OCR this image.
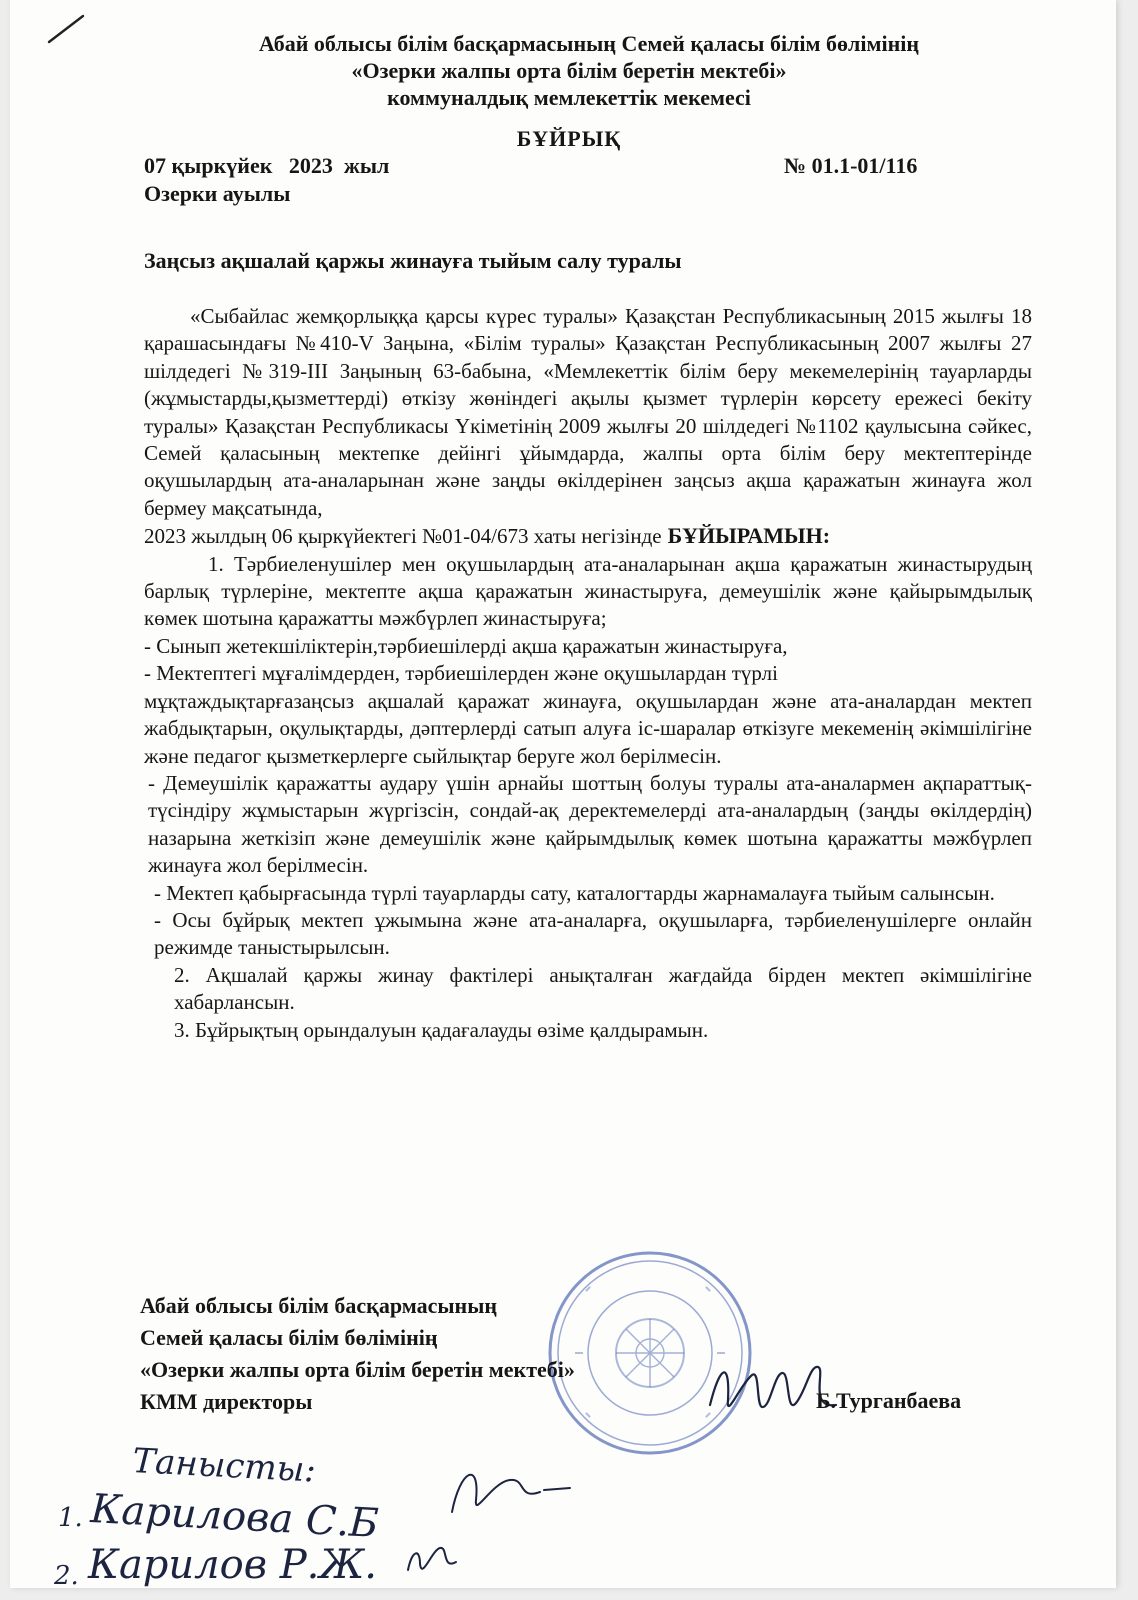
Абай облысы білім басқармасының Семей қаласы білім бөлімінің
«Озерки жалпы орта білім беретін мектебі»
коммуналдық мемлекеттік мекемесі
БҰЙРЫҚ
07 қыркүйек   2023  жыл	№ 01.1-01/116
Озерки ауылы
Заңсыз ақшалай қаржы жинауға тыйым салу туралы

«Сыбайлас жемқорлыққа қарсы күрес туралы» Қазақстан Республикасының 2015 жылғы 18 қарашасындағы №410-V Заңына, «Білім туралы» Қазақстан Республикасының 2007 жылғы 27 шілдедегі №319-III Заңының 63-бабына, «Мемлекеттік білім беру мекемелерінің тауарларды (жұмыстарды,қызметтерді) өткізу жөніндегі ақылы қызмет түрлерін көрсету ережесі бекіту туралы» Қазақстан Республикасы Үкіметінің 2009 жылғы 20 шілдедегі №1102 қаулысына сәйкес, Семей қаласының мектепке дейінгі ұйымдарда, жалпы орта білім беру мектептерінде оқушылардың ата-аналарынан және заңды өкілдерінен заңсыз ақша қаражатын жинауға жол бермеу мақсатында,

2023 жылдың 06 қыркүйектегі №01-04/673 хаты негізінде БҰЙЫРАМЫН:

1. Тәрбиеленушілер мен оқушылардың ата-аналарынан ақша қаражатын жинастырудың барлық түрлеріне, мектепте ақша қаражатын жинастыруға, демеушілік және қайырымдылық көмек шотына қаражатты мәжбүрлеп жинастыруға;

- Сынып жетекшіліктерін,тәрбиешілерді ақша қаражатын жинастыруға,

- Мектептегі мұғалімдерден, тәрбиешілерден және оқушылардан түрлі

мұқтаждықтарғазаңсыз ақшалай қаражат жинауға, оқушылардан және ата-аналардан мектеп жабдықтарын, оқулықтарды, дәптерлерді сатып алуға іс-шаралар өткізуге мекеменің әкімшілігіне және педагог қызметкерлерге сыйлықтар беруге жол берілмесін.

- Демеушілік қаражатты аудару үшін арнайы шоттың болуы туралы ата-аналармен ақпараттық-түсіндіру жұмыстарын жүргізсін, сондай-ақ деректемелерді ата-аналардың (заңды өкілдердің) назарына жеткізіп және демеушілік және қайрымдылық көмек шотына қаражатты мәжбүрлеп жинауға жол берілмесін.

- Мектеп қабырғасында түрлі тауарларды сату, каталогтарды жарнамалауға тыйым салынсын.

- Осы бұйрық мектеп ұжымына және ата-аналарға, оқушыларға, тәрбиеленушілерге онлайн режимде таныстырылсын.

2. Ақшалай қаржы жинау фактілері анықталған жағдайда бірден мектеп әкімшілігіне хабарлансын.

3. Бұйрықтың орындалуын қадағалауды өзіме қалдырамын.

Абай облысы білім басқармасының
Семей қаласы білім бөлімінің
«Озерки жалпы орта білім беретін мектебі»
КММ директоры	Б.Турганбаева
Танысты:
1. Карилова С.Б
2. Карилов Р.Ж.
